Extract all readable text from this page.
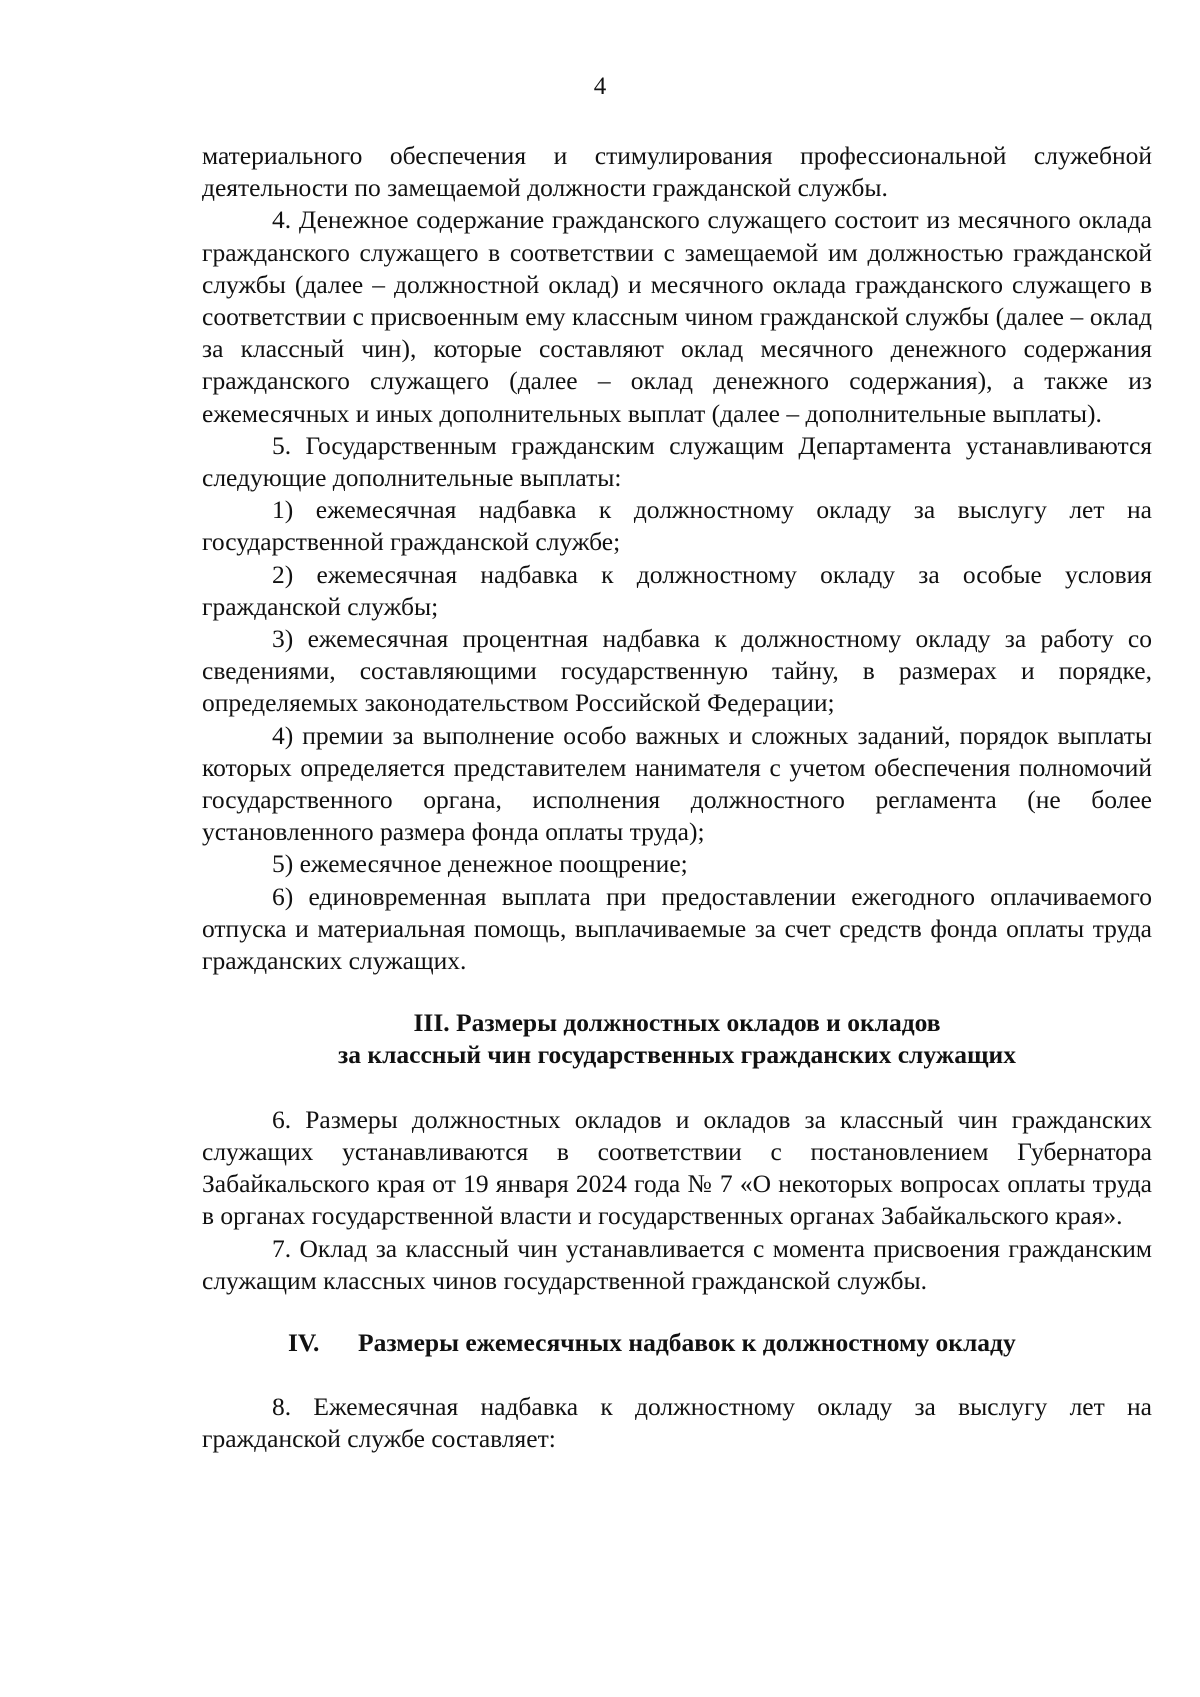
4

материального обеспечения и стимулирования профессиональной служебной деятельности по замещаемой должности гражданской службы.

4. Денежное содержание гражданского служащего состоит из месячного оклада гражданского служащего в соответствии с замещаемой им должностью гражданской службы (далее – должностной оклад) и месячного оклада гражданского служащего в соответствии с присвоенным ему классным чином гражданской службы (далее – оклад за классный чин), которые составляют оклад месячного денежного содержания гражданского служащего (далее – оклад денежного содержания), а также из ежемесячных и иных дополнительных выплат (далее – дополнительные выплаты).

5. Государственным гражданским служащим Департамента устанавливаются следующие дополнительные выплаты:

1) ежемесячная надбавка к должностному окладу за выслугу лет на государственной гражданской службе;

2) ежемесячная надбавка к должностному окладу за особые условия гражданской службы;

3) ежемесячная процентная надбавка к должностному окладу за работу со сведениями, составляющими государственную тайну, в размерах и порядке, определяемых законодательством Российской Федерации;

4) премии за выполнение особо важных и сложных заданий, порядок выплаты которых определяется представителем нанимателя с учетом обеспечения полномочий государственного органа, исполнения должностного регламента (не более установленного размера фонда оплаты труда);

5) ежемесячное денежное поощрение;

6) единовременная выплата при предоставлении ежегодного оплачиваемого отпуска и материальная помощь, выплачиваемые за счет средств фонда оплаты труда гражданских служащих.

III. Размеры должностных окладов и окладов
за классный чин государственных гражданских служащих

6. Размеры должностных окладов и окладов за классный чин гражданских служащих устанавливаются в соответствии с постановлением Губернатора Забайкальского края от 19 января 2024 года № 7 «О некоторых вопросах оплаты труда в органах государственной власти и государственных органах Забайкальского края».

7. Оклад за классный чин устанавливается с момента присвоения гражданским служащим классных чинов государственной гражданской службы.

IV. Размеры ежемесячных надбавок к должностному окладу

8. Ежемесячная надбавка к должностному окладу за выслугу лет на гражданской службе составляет:
